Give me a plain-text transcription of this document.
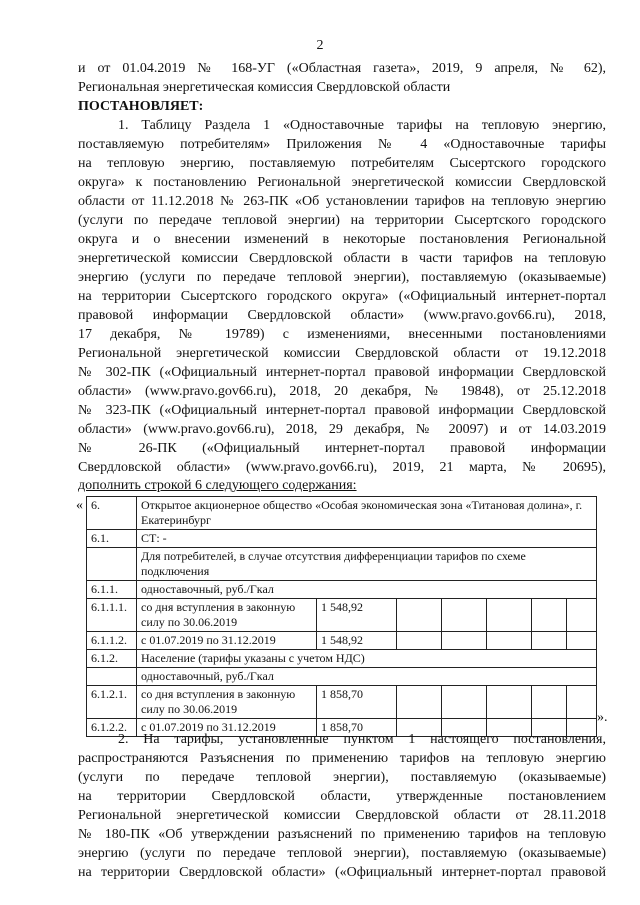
2
и от 01.04.2019 № 168-УГ («Областная газета», 2019, 9 апреля, № 62),
Региональная энергетическая комиссия Свердловской области
ПОСТАНОВЛЯЕТ:
1. Таблицу Раздела 1 «Одноставочные тарифы на тепловую энергию,
поставляемую потребителям» Приложения № 4 «Одноставочные тарифы
на тепловую энергию, поставляемую потребителям Сысертского городского
округа» к постановлению Региональной энергетической комиссии Свердловской
области от 11.12.2018 № 263-ПК «Об установлении тарифов на тепловую энергию
(услуги по передаче тепловой энергии) на территории Сысертского городского
округа и о внесении изменений в некоторые постановления Региональной
энергетической комиссии Свердловской области в части тарифов на тепловую
энергию (услуги по передаче тепловой энергии), поставляемую (оказываемые)
на территории Сысертского городского округа» («Официальный интернет-портал
правовой информации Свердловской области» (www.pravo.gov66.ru), 2018,
17 декабря, № 19789) с изменениями, внесенными постановлениями
Региональной энергетической комиссии Свердловской области от 19.12.2018
№ 302-ПК («Официальный интернет-портал правовой информации Свердловской
области» (www.pravo.gov66.ru), 2018, 20 декабря, № 19848), от 25.12.2018
№ 323-ПК («Официальный интернет-портал правовой информации Свердловской
области» (www.pravo.gov66.ru), 2018, 29 декабря, № 20097) и от 14.03.2019
№ 26-ПК («Официальный интернет-портал правовой информации
Свердловской области» (www.pravo.gov66.ru), 2019, 21 марта, № 20695),
дополнить строкой 6 следующего содержания:
« 6.	Открытое акционерное общество «Особая экономическая зона «Титановая долина», г. Екатеринбург						
6.1.	СТ: -						
	Для потребителей, в случае отсутствия дифференциации тарифов по схеме подключения						
6.1.1.	одноставочный, руб./Гкал						
6.1.1.1.	со дня вступления в законную силу по 30.06.2019	1 548,92					
6.1.1.2.	с 01.07.2019 по 31.12.2019	1 548,92					
6.1.2.	Население (тарифы указаны с учетом НДС)						
	одноставочный, руб./Гкал						
6.1.2.1.	со дня вступления в законную силу по 30.06.2019	1 858,70					
6.1.2.2.	с 01.07.2019 по 31.12.2019	1 858,70					
».
2. На тарифы, установленные пунктом 1 настоящего постановления,
распространяются Разъяснения по применению тарифов на тепловую энергию
(услуги по передаче тепловой энергии), поставляемую (оказываемые)
на территории Свердловской области, утвержденные постановлением
Региональной энергетической комиссии Свердловской области от 28.11.2018
№ 180-ПК «Об утверждении разъяснений по применению тарифов на тепловую
энергию (услуги по передаче тепловой энергии), поставляемую (оказываемые)
на территории Свердловской области» («Официальный интернет-портал правовой
